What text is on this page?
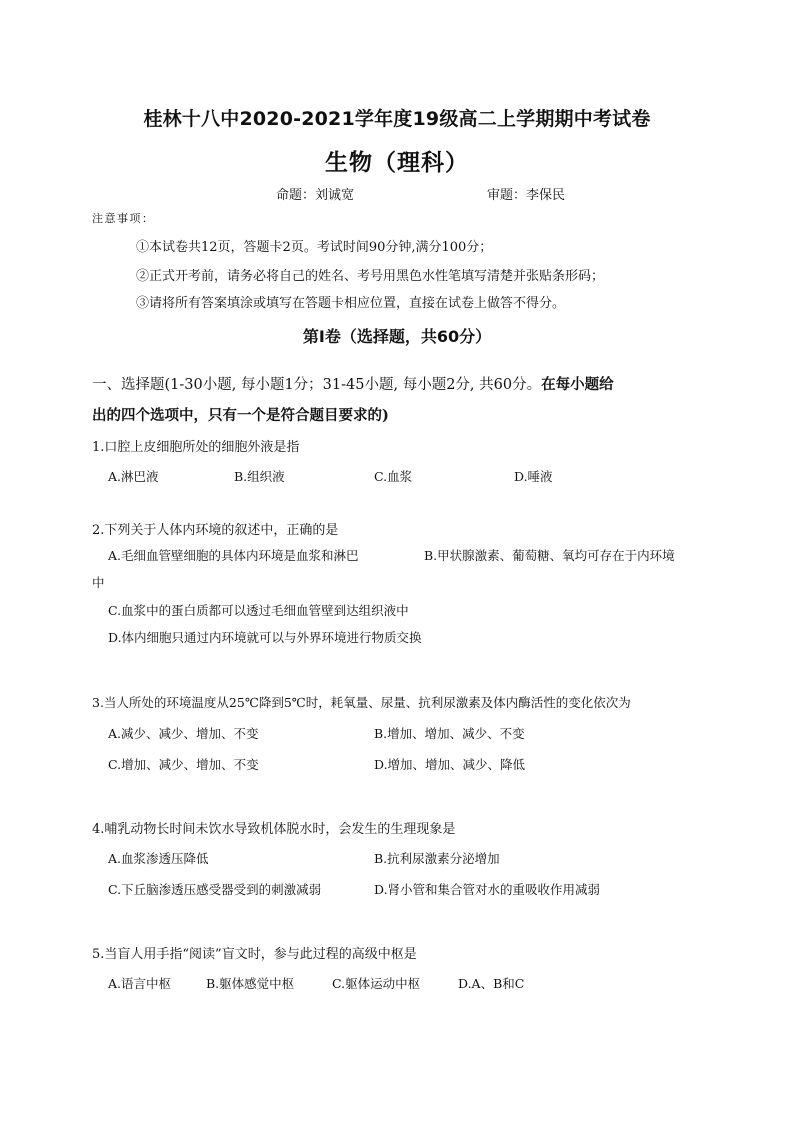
桂林十八中2020-2021学年度19级高二上学期期中考试卷
生物（理科）
命题：刘诚宽	审题：李保民
注意事项：
①本试卷共12页，答题卡2页。考试时间90分钟,满分100分；
②正式开考前，请务必将自己的姓名、考号用黑色水性笔填写清楚并张贴条形码；
③请将所有答案填涂或填写在答题卡相应位置，直接在试卷上做答不得分。
第Ⅰ卷（选择题，共60分）
一、选择题(1-30小题, 每小题1分；31-45小题, 每小题2分, 共60分。在每小题给
出的四个选项中，只有一个是符合题目要求的)
1.口腔上皮细胞所处的细胞外液是指
A.淋巴液	B.组织液	C.血浆	D.唾液
2.下列关于人体内环境的叙述中，正确的是
A.毛细血管壁细胞的具体内环境是血浆和淋巴	B.甲状腺激素、葡萄糖、氧均可存在于内环境
中
C.血浆中的蛋白质都可以透过毛细血管壁到达组织液中
D.体内细胞只通过内环境就可以与外界环境进行物质交换
3.当人所处的环境温度从25℃降到5℃时，耗氧量、尿量、抗利尿激素及体内酶活性的变化依次为
A.减少、减少、增加、不变	B.增加、增加、减少、不变
C.增加、减少、增加、不变	D.增加、增加、减少、降低
4.哺乳动物长时间未饮水导致机体脱水时，会发生的生理现象是
A.血浆渗透压降低	B.抗利尿激素分泌增加
C.下丘脑渗透压感受器受到的刺激减弱	D.肾小管和集合管对水的重吸收作用减弱
5.当盲人用手指“阅读”盲文时，参与此过程的高级中枢是
A.语言中枢	B.躯体感觉中枢	C.躯体运动中枢	D.A、B和C
